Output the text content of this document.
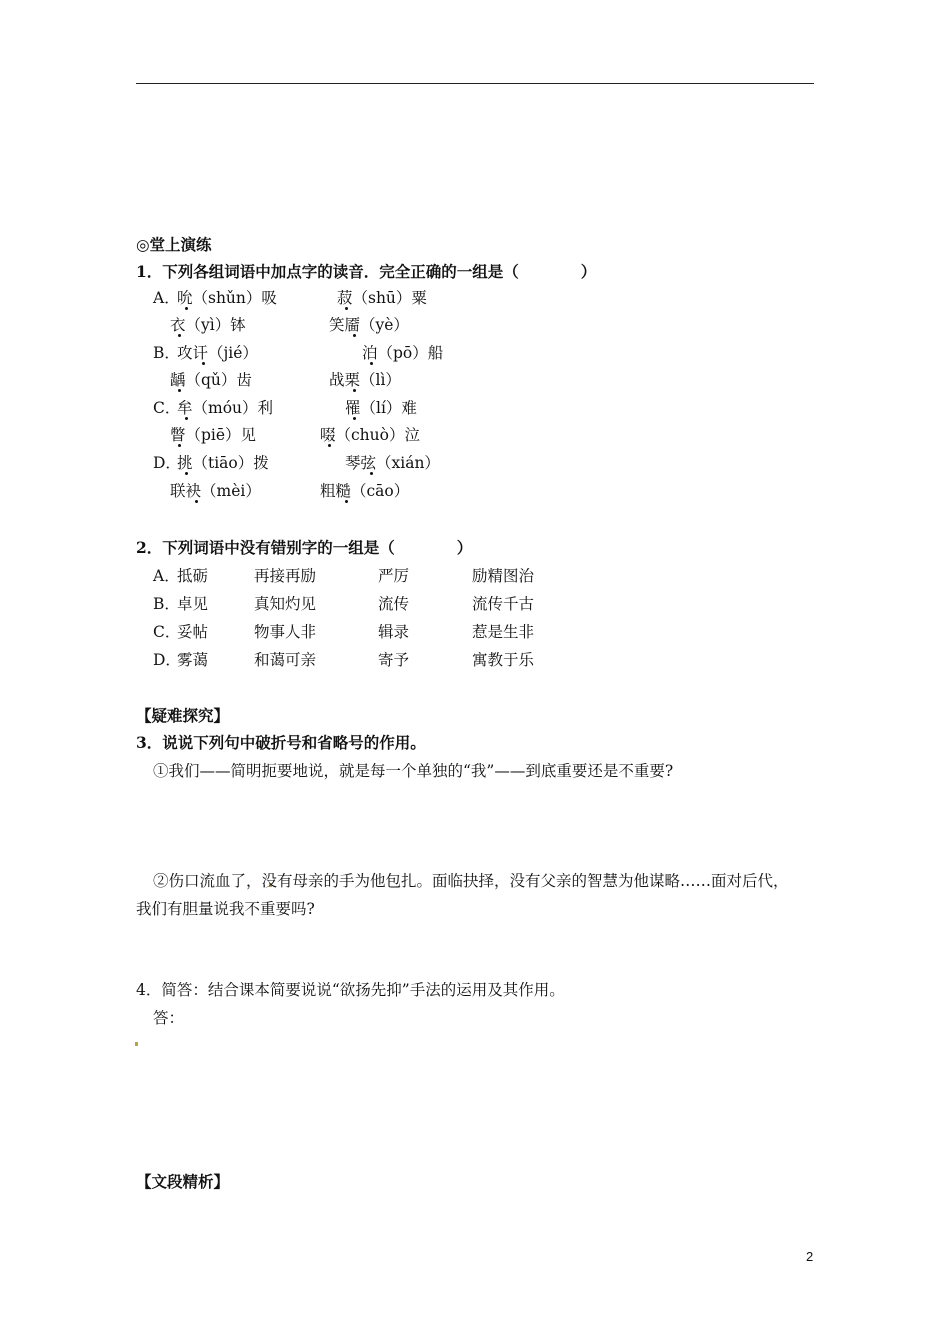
◎堂上演练
1．下列各组词语中加点字的读音．完全正确的一组是（　　　　）
A．
吮（shǔn）吸	菽（shū）粟
衣（yì）钵	笑靥（yè）
B．
攻讦（jié）	泊（pō）船
龋（qǔ）齿	战栗（lì）
C．
牟（móu）利	罹（lí）难
瞥（piē）见	啜（chuò）泣
D．
挑（tiāo）拨	琴弦（xián）
联袂（mèi）	粗糙（cāo）
2．下列词语中没有错别字的一组是（　　　　）
A．
抵砺	再接再励	严厉	励精图治
B．
卓见	真知灼见	流传	流传千古
C．
妥帖	物事人非	辑录	惹是生非
D．
雾蔼	和蔼可亲	寄予	寓教于乐
【疑难探究】
3．说说下列句中破折号和省略号的作用。
①我们——简明扼要地说，就是每一个单独的“我”——到底重要还是不重要?
②伤口流血了，没有母亲的手为他包扎。面临抉择，没有父亲的智慧为他谋略……面对后代，
我们有胆量说我不重要吗?
4．简答：结合课本简要说说“欲扬先抑”手法的运用及其作用。
答：
【文段精析】
2
